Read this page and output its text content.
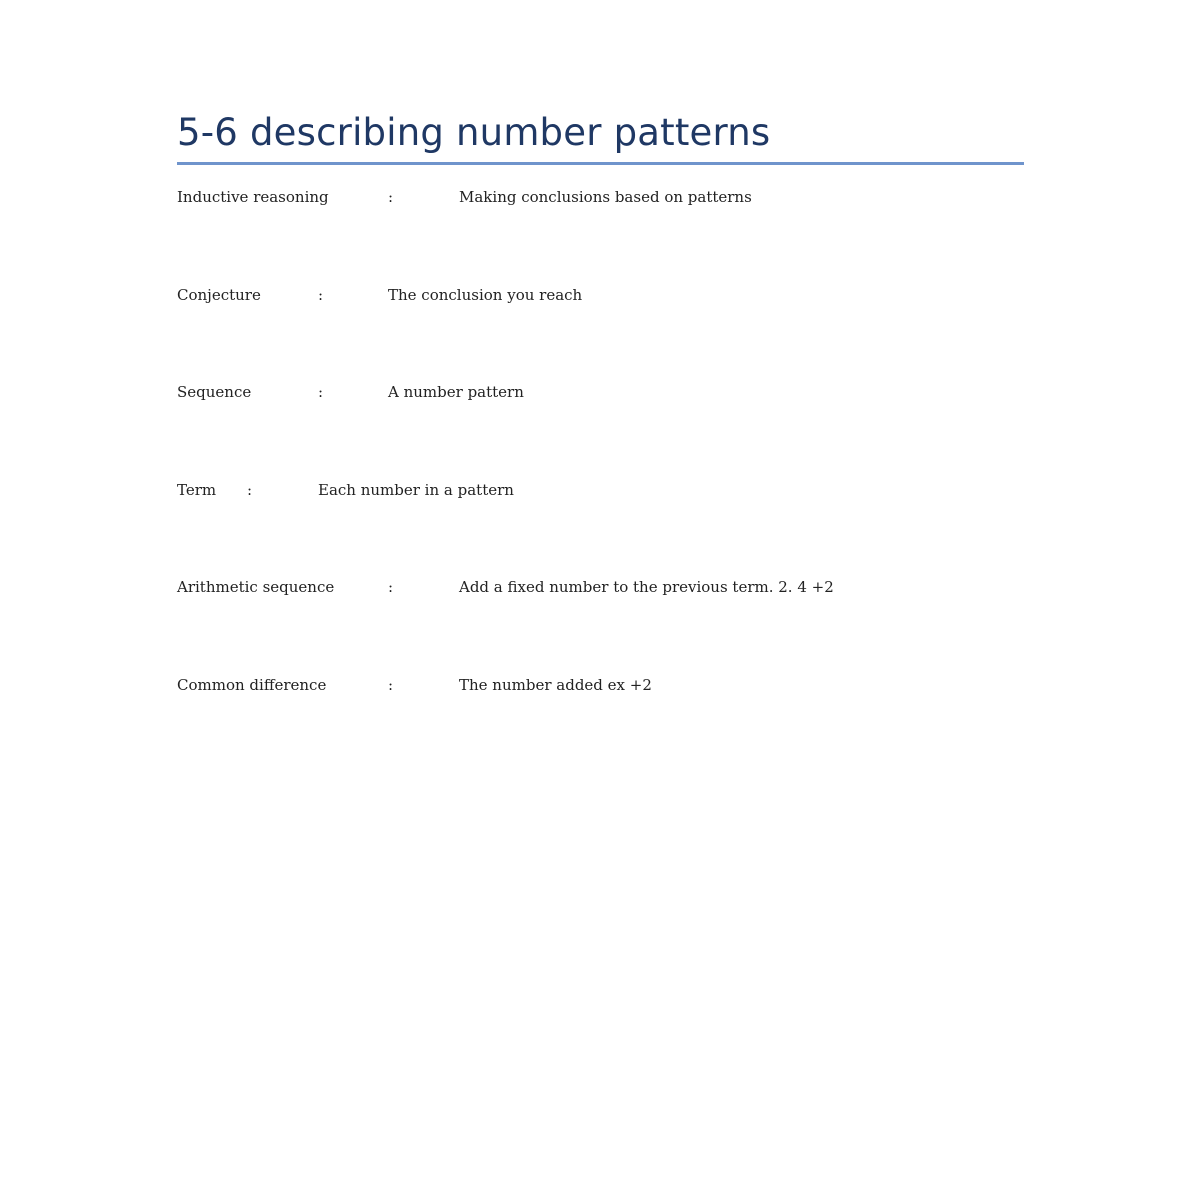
5-6 describing number patterns
Inductive reasoning	:	Making conclusions based on patterns
Conjecture	:	The conclusion you reach
Sequence	:	A number pattern
Term :	Each number in a pattern
Arithmetic sequence	:	Add a fixed number to the previous term. 2. 4 +2
Common difference	:	The number added ex +2
